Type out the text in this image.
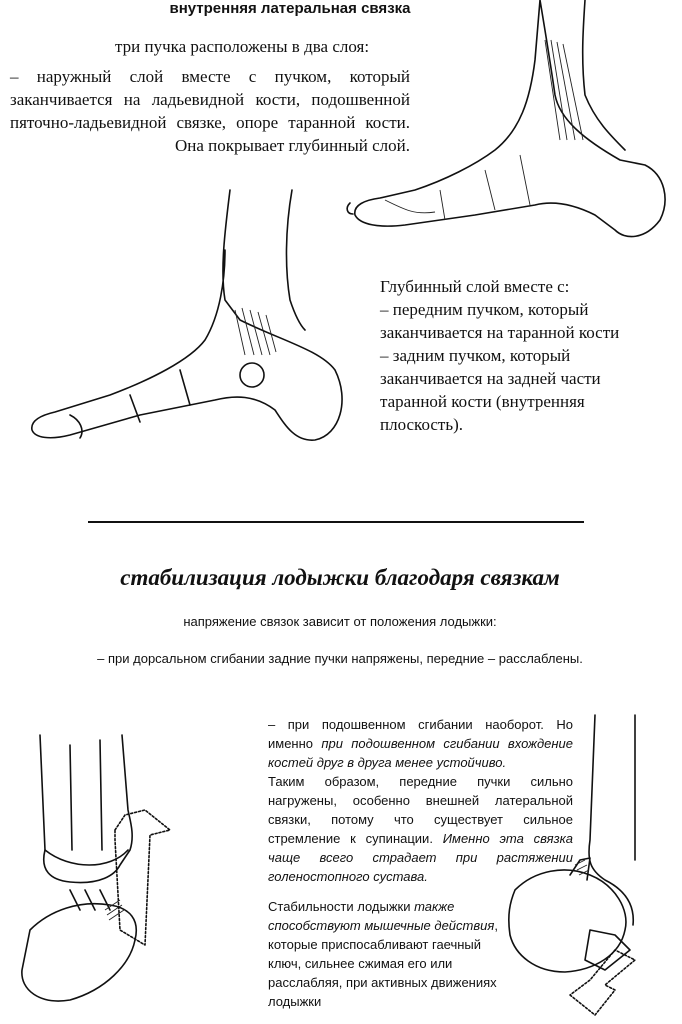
внутренняя латеральная связка
три пучка расположены в два слоя:
– наружный слой вместе с пучком, который заканчивается на ладьевидной кости, подошвенной пяточно-ладьевидной связке, опоре таранной кости. Она покрывает глубинный слой.
Глубинный слой вместе с:
– передним пучком, который заканчивается на таранной кости
– задним пучком, который заканчивается на задней части таранной кости (внутренняя плоскость).
стабилизация лодыжки благодаря связкам
напряжение связок зависит от положения лодыжки:
– при дорсальном сгибании задние пучки напряжены, передние – расслаблены.
– при подошвенном сгибании наоборот. Но именно при подошвенном сгибании вхождение костей друг в друга менее устойчиво.
Таким образом, передние пучки сильно нагружены, особенно внешней латеральной связки, потому что существует сильное стремление к супинации. Именно эта связка чаще всего страдает при растяжении голеностопного сустава.
Стабильности лодыжки также способствуют мышечные действия, которые приспосабливают гаечный ключ, сильнее сжимая его или расслабляя, при активных движениях лодыжки
